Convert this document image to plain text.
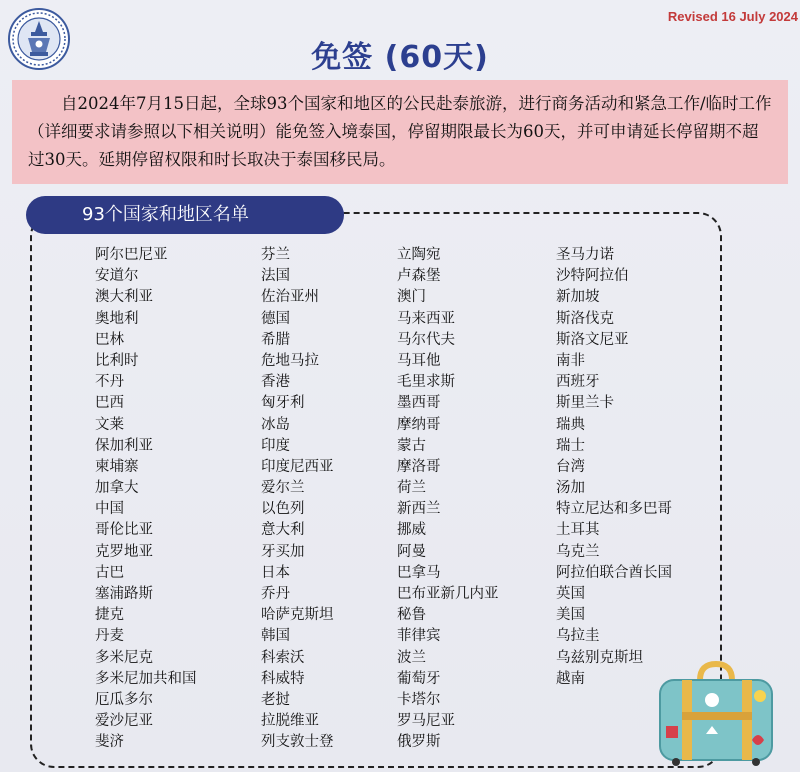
Revised 16 July 2024
免签 (60天)

自2024年7月15日起，全球93个国家和地区的公民赴泰旅游，进行商务活动和紧急工作/临时工作（详细要求请参照以下相关说明）能免签入境泰国，停留期限最长为60天，并可申请延长停留期不超过30天。延期停留权限和时长取决于泰国移民局。

93个国家和地区名单
阿尔巴尼亚
安道尔
澳大利亚
奥地利
巴林
比利时
不丹
巴西
文莱
保加利亚
柬埔寨
加拿大
中国
哥伦比亚
克罗地亚
古巴
塞浦路斯
捷克
丹麦
多米尼克
多米尼加共和国
厄瓜多尔
爱沙尼亚
斐济
芬兰
法国
佐治亚州
德国
希腊
危地马拉
香港
匈牙利
冰岛
印度
印度尼西亚
爱尔兰
以色列
意大利
牙买加
日本
乔丹
哈萨克斯坦
韩国
科索沃
科威特
老挝
拉脱维亚
列支敦士登
立陶宛
卢森堡
澳门
马来西亚
马尔代夫
马耳他
毛里求斯
墨西哥
摩纳哥
蒙古
摩洛哥
荷兰
新西兰
挪威
阿曼
巴拿马
巴布亚新几内亚
秘鲁
菲律宾
波兰
葡萄牙
卡塔尔
罗马尼亚
俄罗斯
圣马力诺
沙特阿拉伯
新加坡
斯洛伐克
斯洛文尼亚
南非
西班牙
斯里兰卡
瑞典
瑞士
台湾
汤加
特立尼达和多巴哥
土耳其
乌克兰
阿拉伯联合酋长国
英国
美国
乌拉圭
乌兹别克斯坦
越南
